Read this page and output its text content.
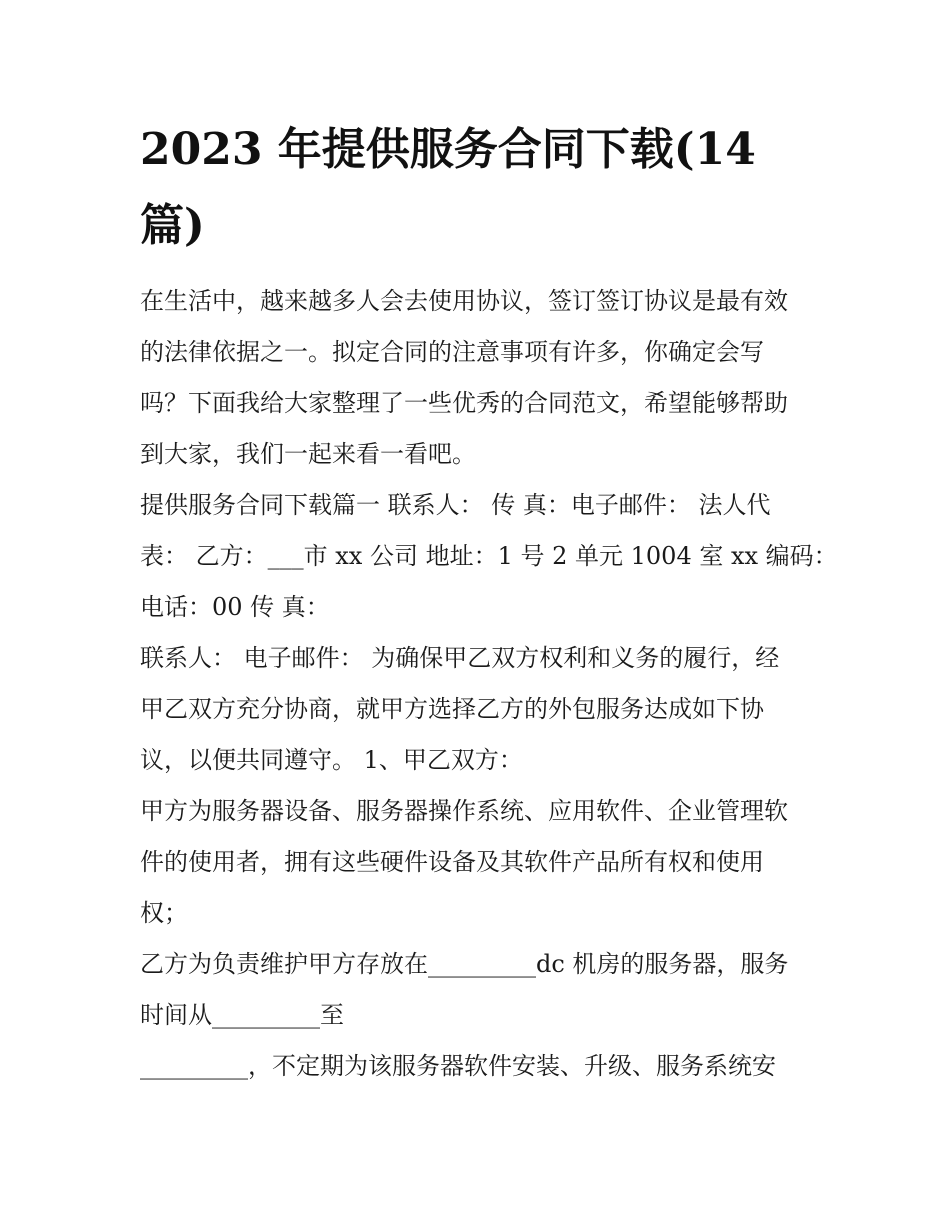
2023 年提供服务合同下载(14
篇)
在生活中，越来越多人会去使用协议，签订签订协议是最有效
的法律依据之一。拟定合同的注意事项有许多，你确定会写
吗？下面我给大家整理了一些优秀的合同范文，希望能够帮助
到大家，我们一起来看一看吧。
提供服务合同下载篇一 联系人： 传 真：电子邮件： 法人代
表： 乙方：___市 xx 公司 地址：1 号 2 单元 1004 室 xx 编码：
电话：00 传 真：
联系人： 电子邮件： 为确保甲乙双方权利和义务的履行，经
甲乙双方充分协商，就甲方选择乙方的外包服务达成如下协
议，以便共同遵守。 1、甲乙双方：
甲方为服务器设备、服务器操作系统、应用软件、企业管理软
件的使用者，拥有这些硬件设备及其软件产品所有权和使用
权；
乙方为负责维护甲方存放在_________dc 机房的服务器，服务
时间从_________至
_________，不定期为该服务器软件安装、升级、服务系统安
